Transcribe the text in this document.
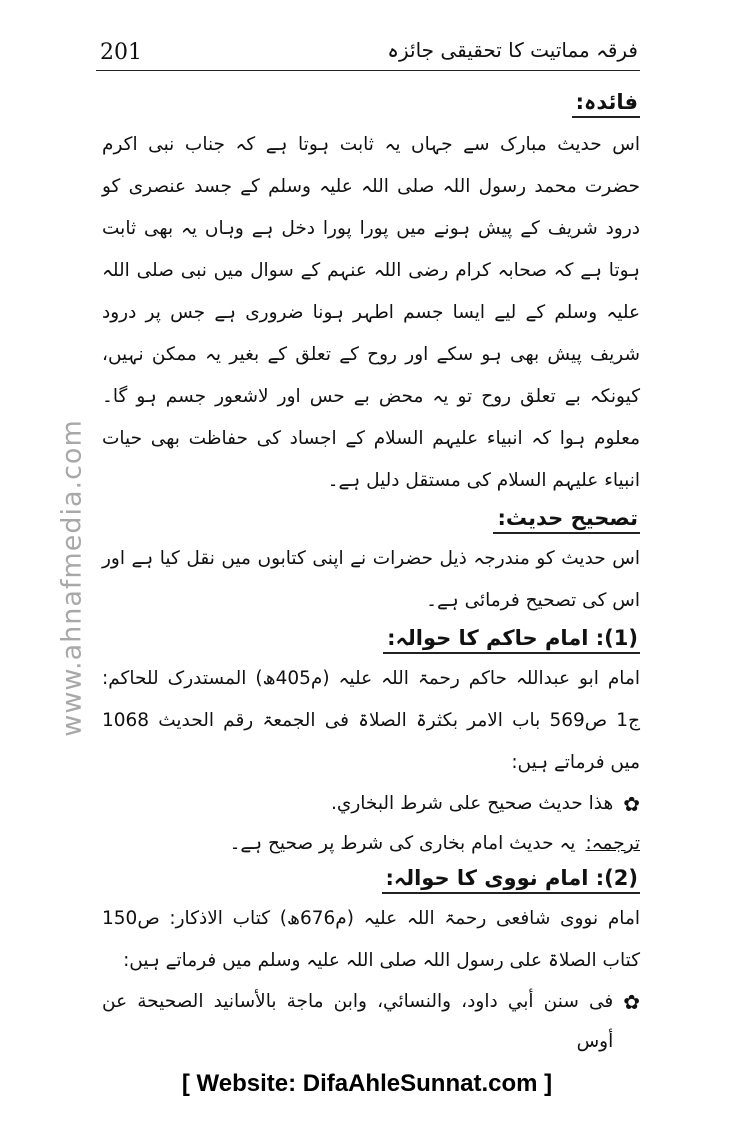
201	فرقہ مماتیت کا تحقیقی جائزہ
www.ahnafmedia.com
فائدہ:

اس حدیث مبارک سے جہاں یہ ثابت ہوتا ہے کہ جناب نبی اکرم حضرت محمد رسول اللہ صلی اللہ علیہ وسلم کے جسد عنصری کو درود شریف کے پیش ہونے میں پورا پورا دخل ہے وہاں یہ بھی ثابت ہوتا ہے کہ صحابہ کرام رضی اللہ عنہم کے سوال میں نبی صلی اللہ علیہ وسلم کے لیے ایسا جسم اطہر ہونا ضروری ہے جس پر درود شریف پیش بھی ہو سکے اور روح کے تعلق کے بغیر یہ ممکن نہیں، کیونکہ بے تعلق روح تو یہ محض بے حس اور لاشعور جسم ہو گا۔ معلوم ہوا کہ انبیاء علیہم السلام کے اجساد کی حفاظت بھی حیات انبیاء علیہم السلام کی مستقل دلیل ہے۔

تصحیح حدیث:

اس حدیث کو مندرجہ ذیل حضرات نے اپنی کتابوں میں نقل کیا ہے اور اس کی تصحیح فرمائی ہے۔

(1): امام حاکم کا حوالہ:

امام ابو عبداللہ حاکم رحمۃ اللہ علیہ (م405ھ) المستدرک للحاکم: ج1 ص569 باب الامر بکثرۃ الصلاۃ فی الجمعۃ رقم الحدیث 1068 میں فرماتے ہیں:

✿
هذا حديث صحيح على شرط البخاري.
ترجمہ:
یہ حدیث امام بخاری کی شرط پر صحیح ہے۔
(2): امام نووی کا حوالہ:

امام نووی شافعی رحمۃ اللہ علیہ (م676ھ) کتاب الاذکار: ص150 کتاب الصلاۃ علی رسول اللہ صلی اللہ علیہ وسلم میں فرماتے ہیں:

✿
فی سنن أبي داود، والنسائي، وابن ماجة بالأسانيد الصحيحة عن أوس
[ Website: DifaAhleSunnat.com ]
